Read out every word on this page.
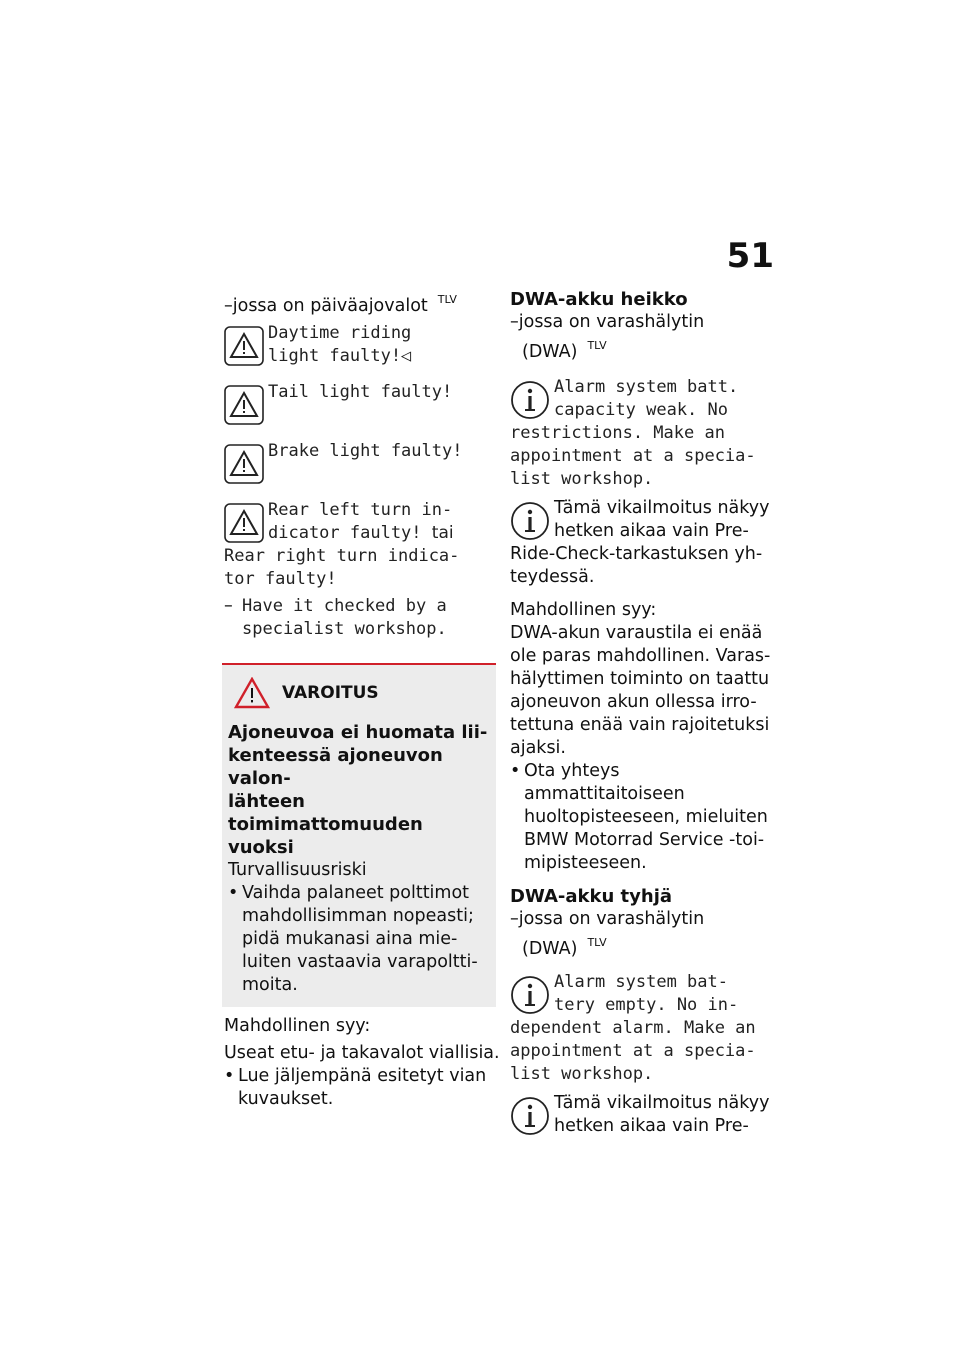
51

–jossa on päiväajovalot $^{TLV}$

Daytime riding
light faulty!◁
Tail light faulty!
Brake light faulty!
Rear left turn in-
dicator faulty! tai
Rear right turn indica-
tor faulty!
– Have it checked by a
specialist workshop.
VAROITUS
Ajoneuvoa ei huomata lii-
kenteessä ajoneuvon valon-
lähteen toimimattomuuden
vuoksi
Turvallisuusriski
• Vaihda palaneet polttimot
mahdollisimman nopeasti;
pidä mukanasi aina mie-
luiten vastaavia varapoltti-
moita.
Mahdollinen syy:
Useat etu- ja takavalot viallisia.
• Lue jäljempänä esitetyt vian
kuvaukset.
DWA-akku heikko
–jossa on varashälytin
(DWA) $^{TLV}$
Alarm system batt.
capacity weak. No
restrictions. Make an
appointment at a specia-
list workshop.
Tämä vikailmoitus näkyy
hetken aikaa vain Pre-
Ride-Check-tarkastuksen yh-
teydessä.
Mahdollinen syy:
DWA-akun varaustila ei enää
ole paras mahdollinen. Varas-
hälyttimen toiminto on taattu
ajoneuvon akun ollessa irro-
tettuna enää vain rajoitetuksi
ajaksi.
• Ota yhteys ammattitaitoiseen
huoltopisteeseen, mieluiten
BMW Motorrad Service -toi-
mipisteeseen.
DWA-akku tyhjä
–jossa on varashälytin
(DWA) $^{TLV}$
Alarm system bat-
tery empty. No in-
dependent alarm. Make an
appointment at a specia-
list workshop.
Tämä vikailmoitus näkyy
hetken aikaa vain Pre-
